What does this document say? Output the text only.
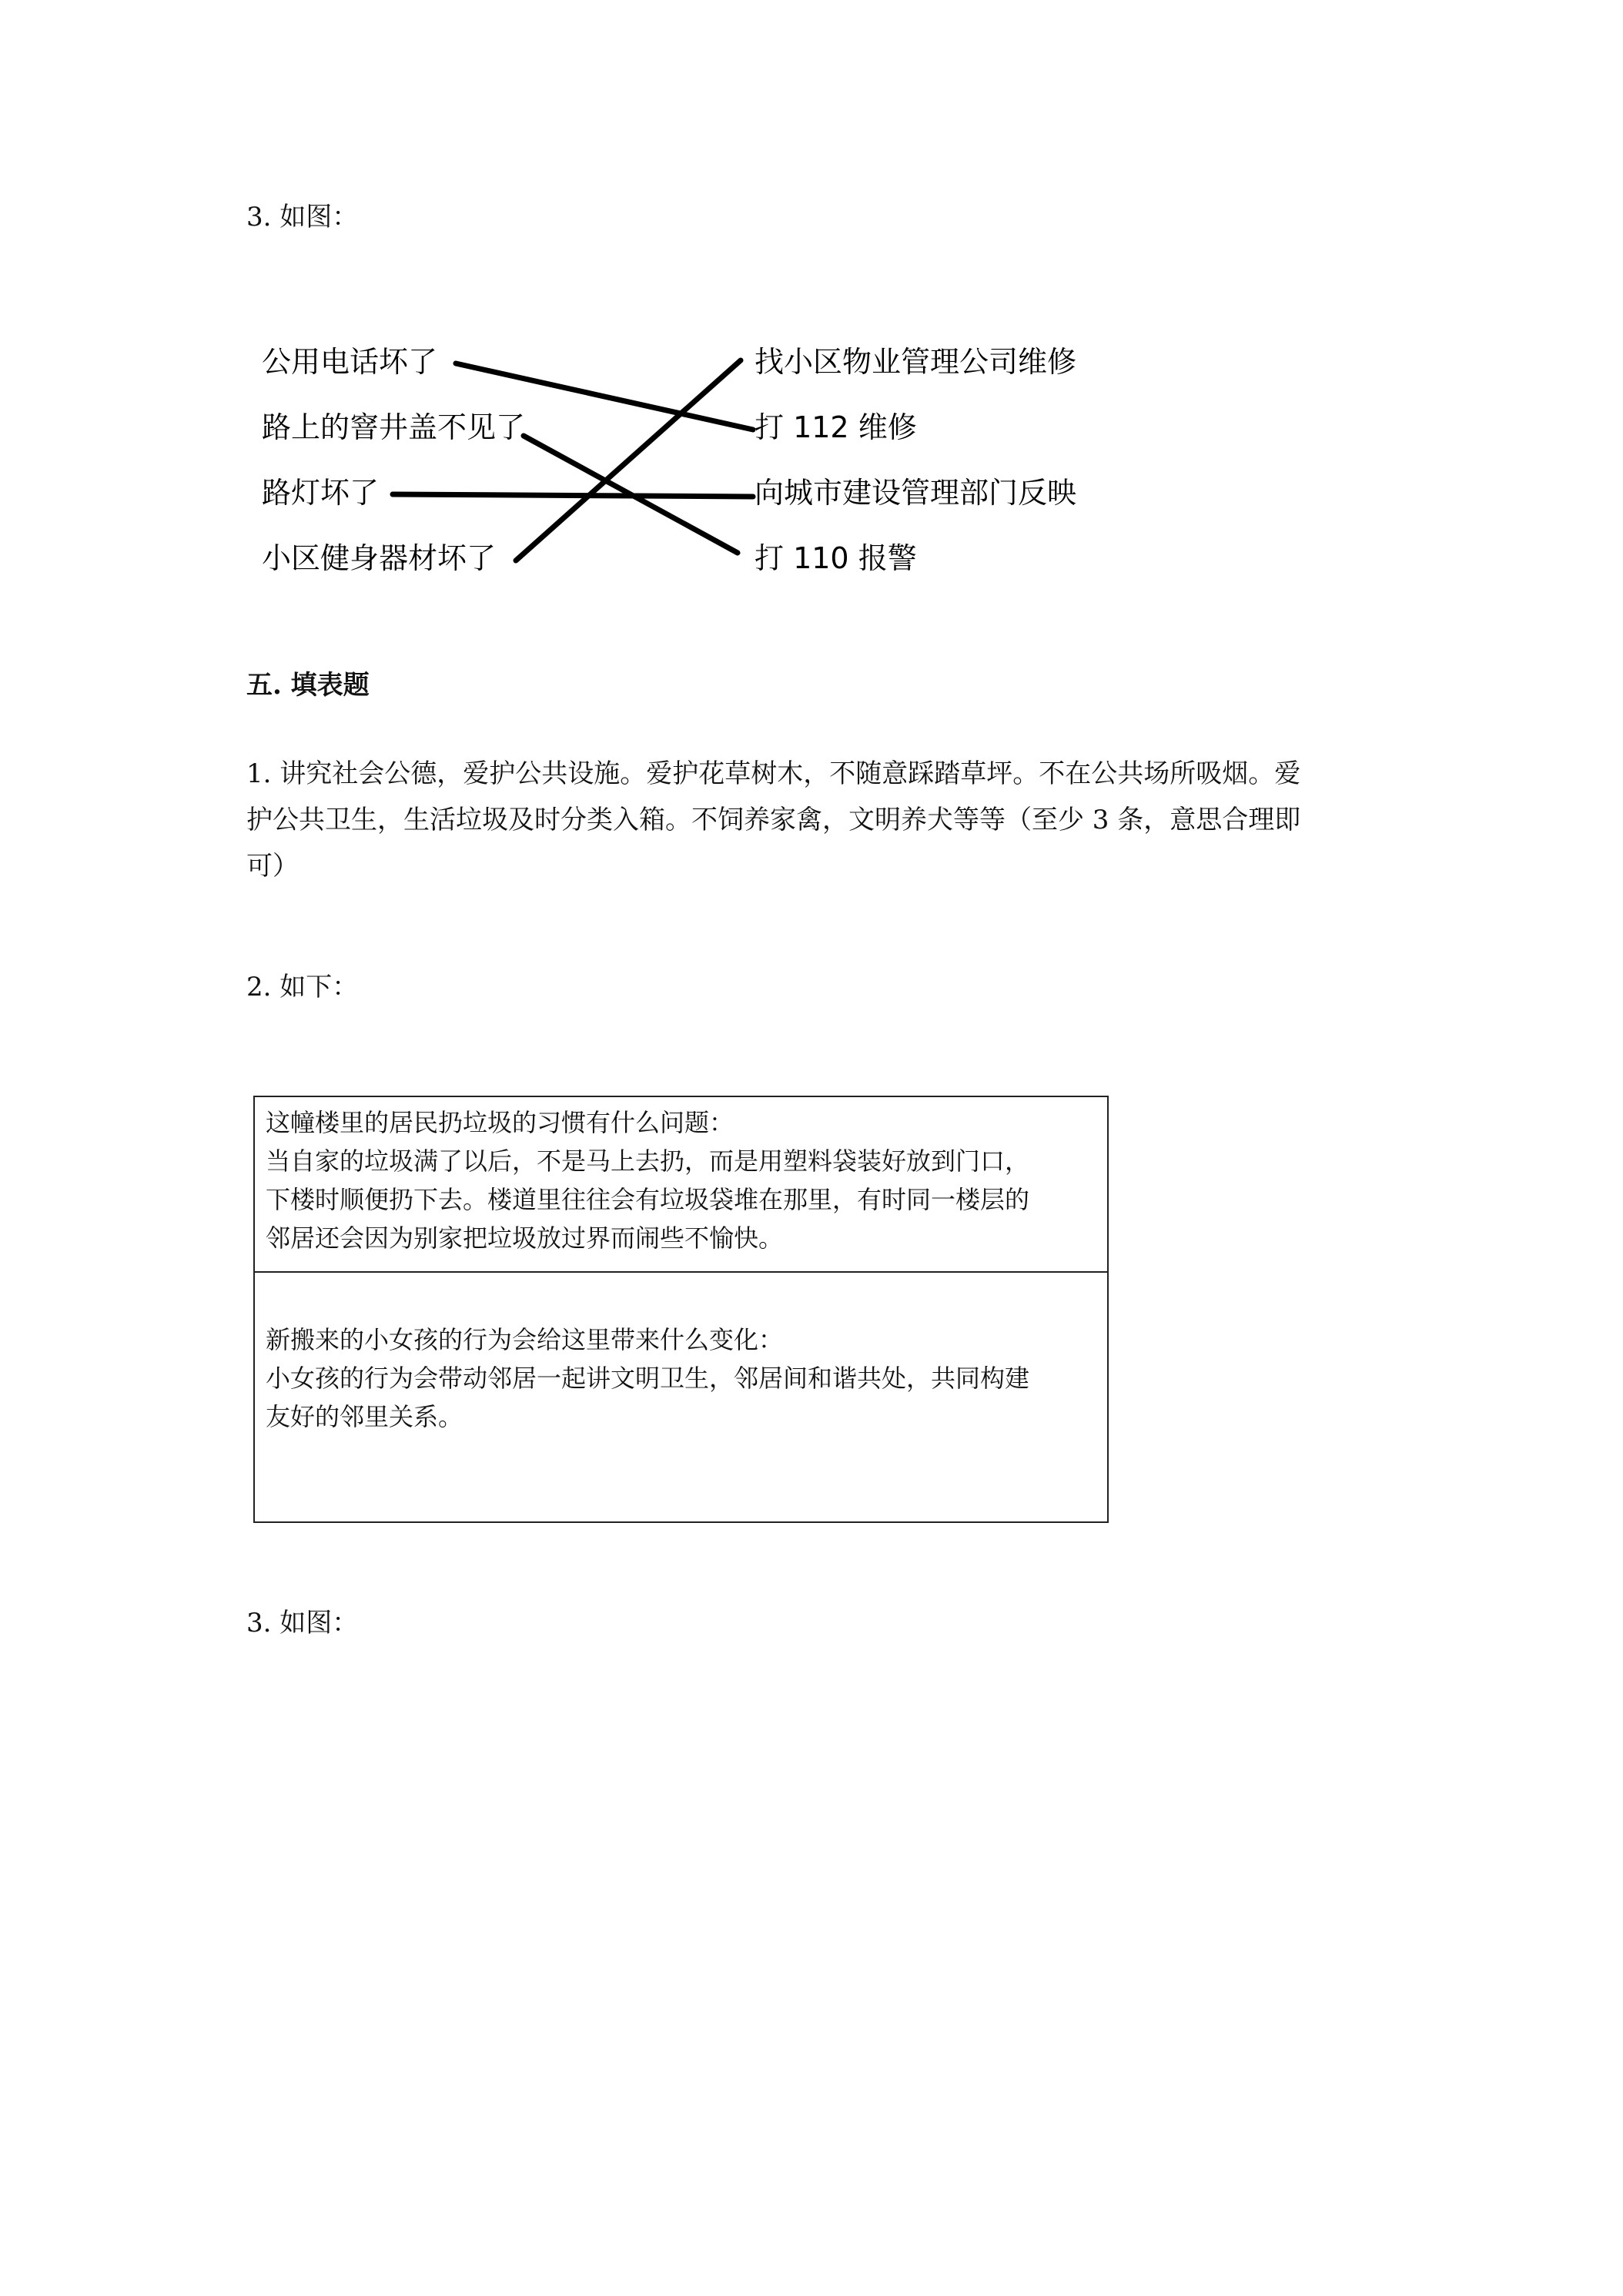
3. 如图：
公用电话坏了
路上的窨井盖不见了
路灯坏了
小区健身器材坏了
找小区物业管理公司维修
打 112 维修
向城市建设管理部门反映
打 110 报警
五. 填表题
1. 讲究社会公德，爱护公共设施。爱护花草树木，不随意踩踏草坪。不在公共场所吸烟。爱
护公共卫生，生活垃圾及时分类入箱。不饲养家禽，文明养犬等等（至少 3 条，意思合理即
可）
2. 如下：
这幢楼里的居民扔垃圾的习惯有什么问题：
当自家的垃圾满了以后，不是马上去扔，而是用塑料袋装好放到门口，
下楼时顺便扔下去。楼道里往往会有垃圾袋堆在那里，有时同一楼层的
邻居还会因为别家把垃圾放过界而闹些不愉快。
新搬来的小女孩的行为会给这里带来什么变化：
小女孩的行为会带动邻居一起讲文明卫生，邻居间和谐共处，共同构建
友好的邻里关系。
3. 如图：
